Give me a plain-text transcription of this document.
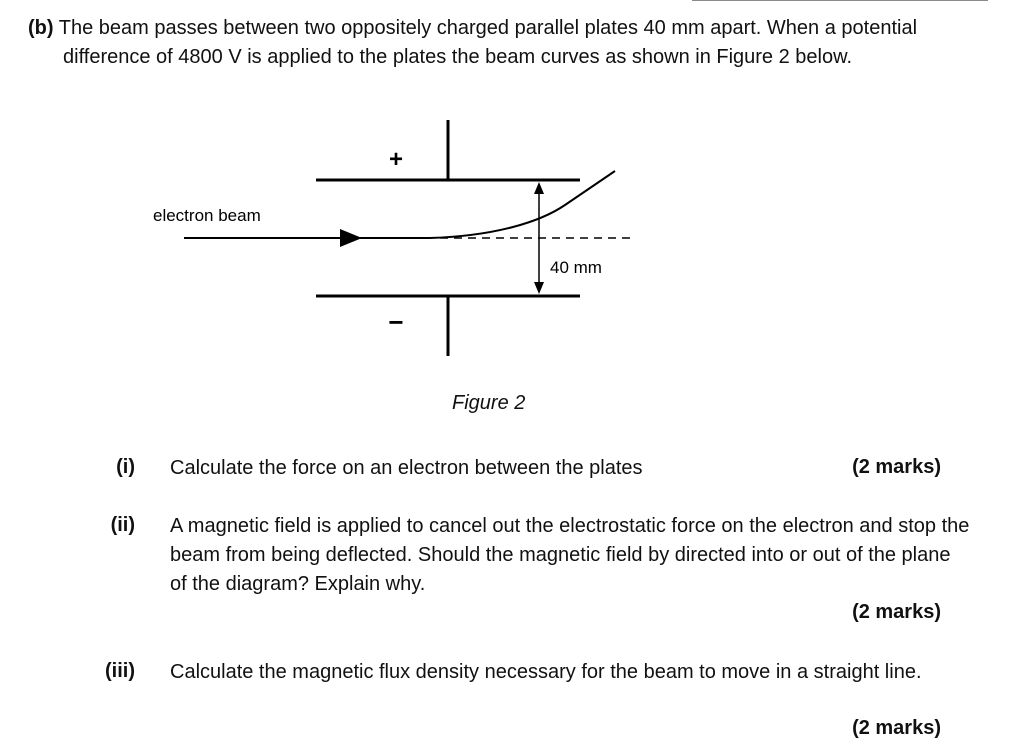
(b) The beam passes between two oppositely charged parallel plates 40 mm apart. When a potential difference of 4800 V is applied to the plates the beam curves as shown in Figure 2 below.
+
−
electron beam
40 mm
Figure 2
(i) Calculate the force on an electron between the plates	(2 marks)
(ii) A magnetic field is applied to cancel out the electrostatic force on the electron and stop the beam from being deflected. Should the magnetic field by directed into or out of the plane of the diagram? Explain why.
(2 marks)
(iii) Calculate the magnetic flux density necessary for the beam to move in a straight line.
(2 marks)
